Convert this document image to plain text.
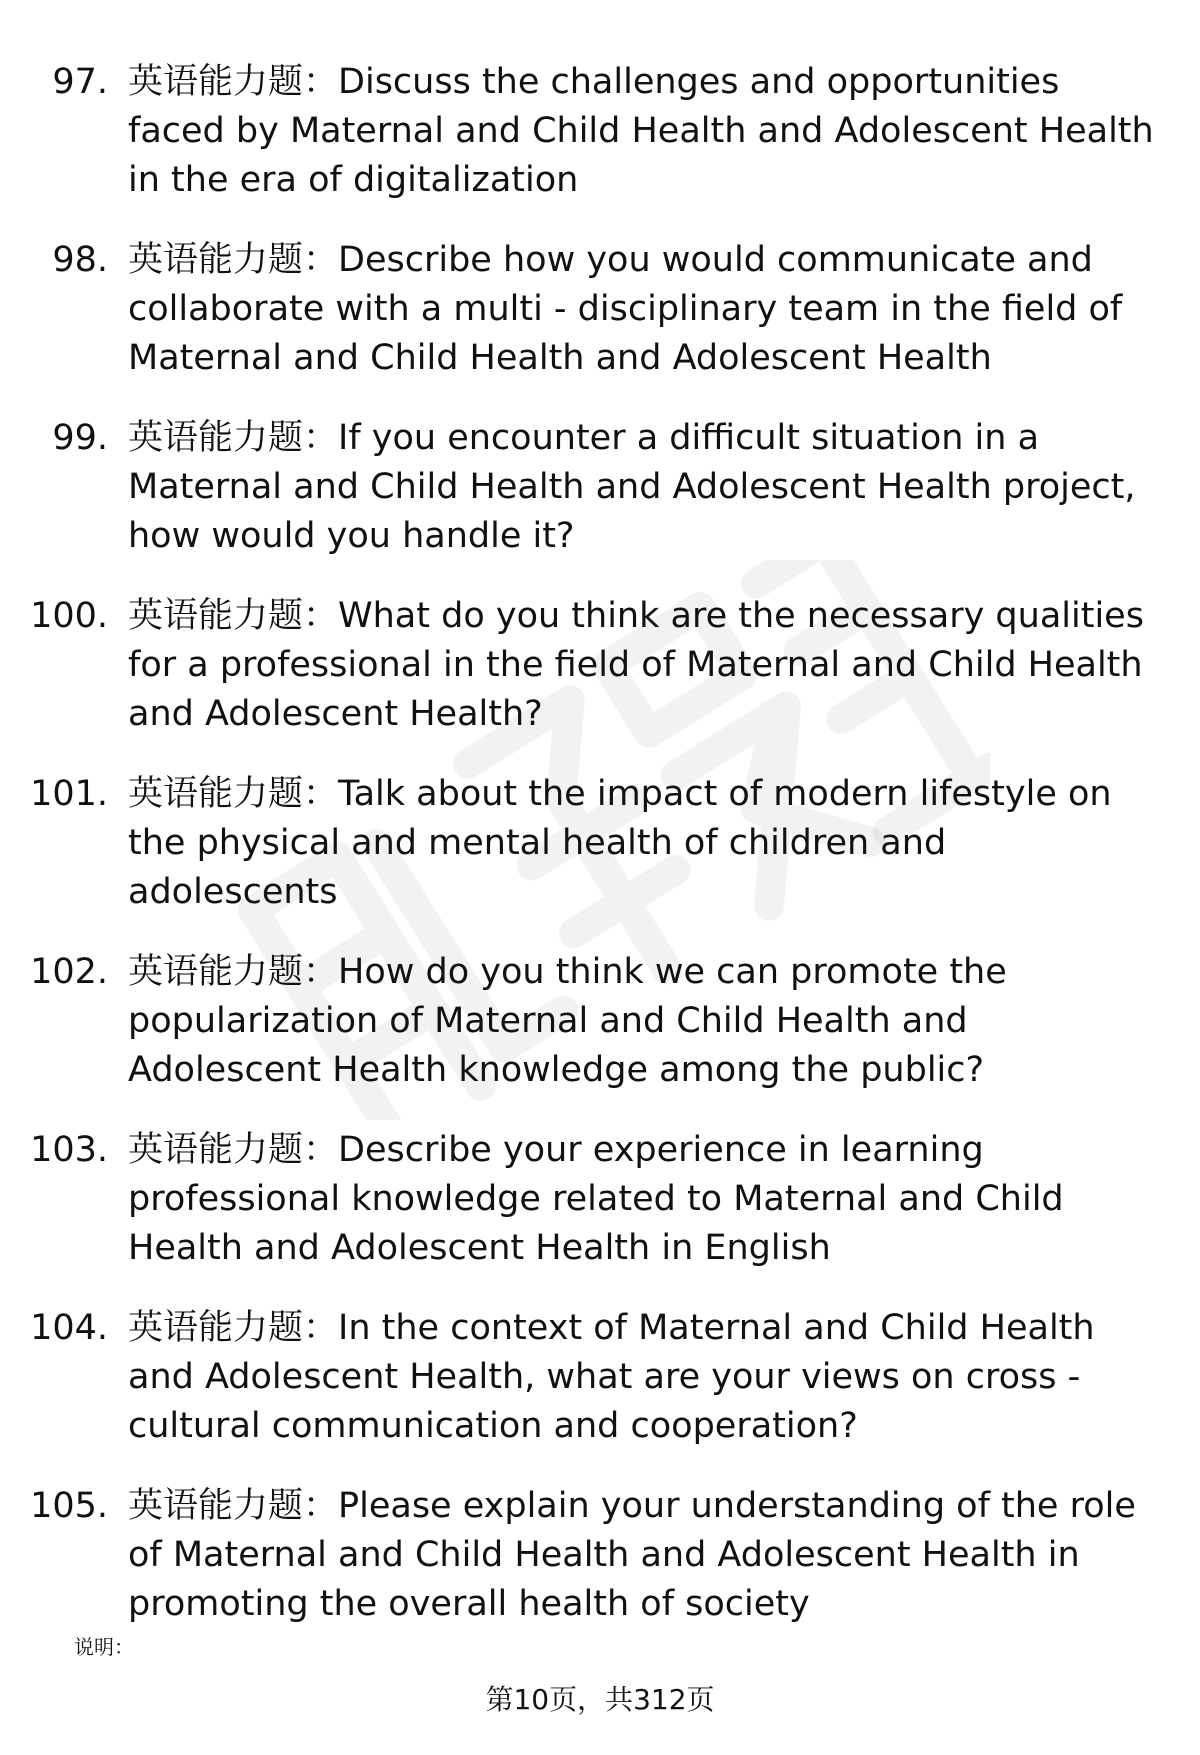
97. 英语能力题：Discuss the challenges and opportunities faced by Maternal and Child Health and Adolescent Health in the era of digitalization
98. 英语能力题：Describe how you would communicate and collaborate with a multi - disciplinary team in the field of Maternal and Child Health and Adolescent Health
99. 英语能力题：If you encounter a difficult situation in a Maternal and Child Health and Adolescent Health project, how would you handle it?
100. 英语能力题：What do you think are the necessary qualities for a professional in the field of Maternal and Child Health and Adolescent Health?
101. 英语能力题：Talk about the impact of modern lifestyle on the physical and mental health of children and adolescents
102. 英语能力题：How do you think we can promote the popularization of Maternal and Child Health and Adolescent Health knowledge among the public?
103. 英语能力题：Describe your experience in learning professional knowledge related to Maternal and Child Health and Adolescent Health in English
104. 英语能力题：In the context of Maternal and Child Health and Adolescent Health, what are your views on cross - cultural communication and cooperation?
105. 英语能力题：Please explain your understanding of the role of Maternal and Child Health and Adolescent Health in promoting the overall health of society
说明：
第10页，共312页
